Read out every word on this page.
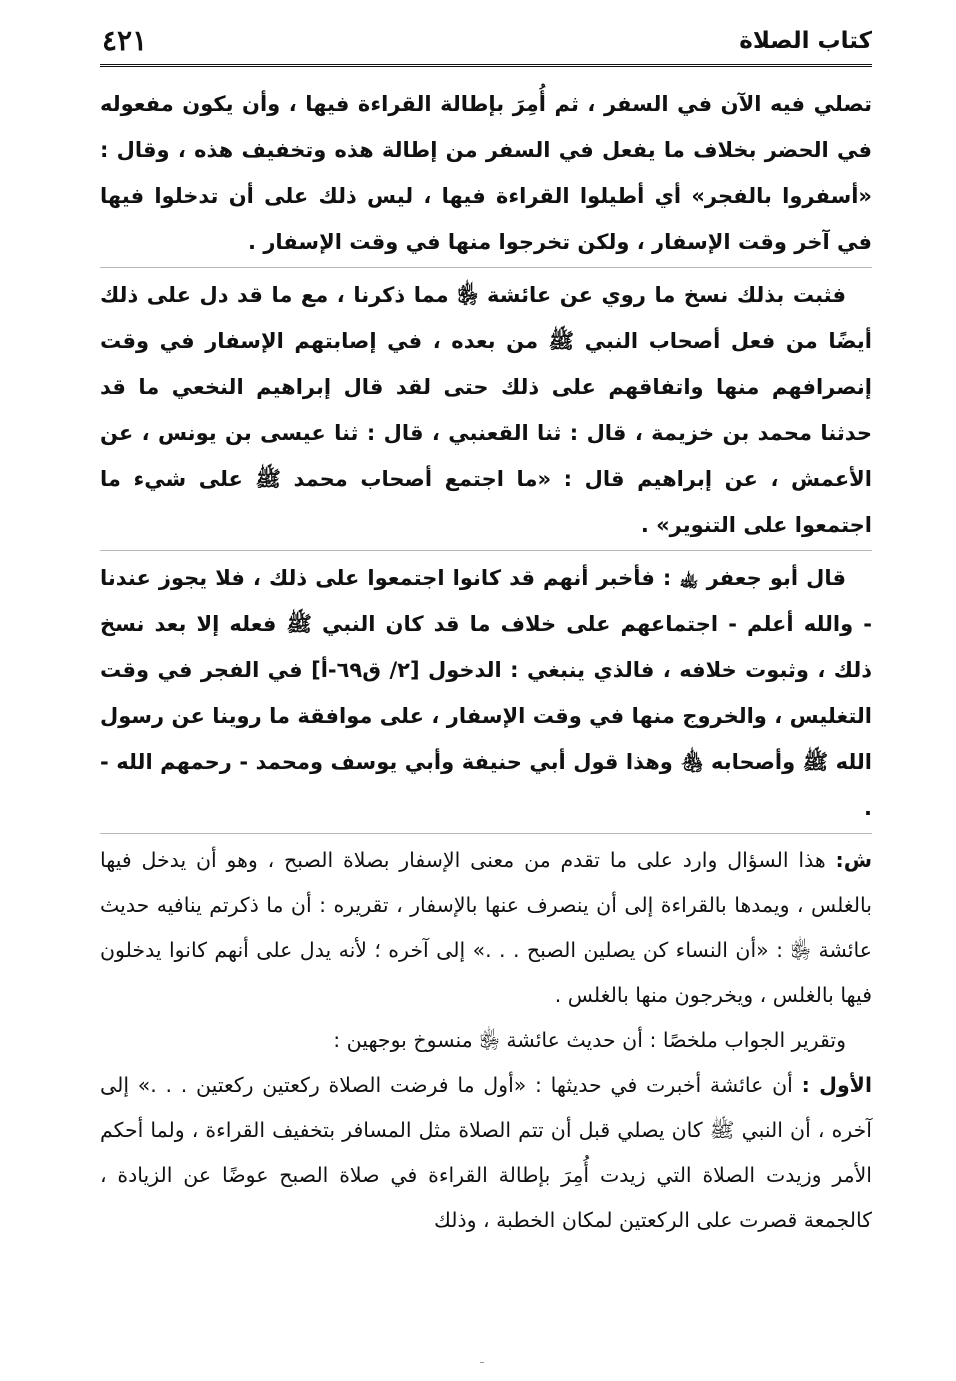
كتاب الصلاة
٤٢١

تصلي فيه الآن في السفر ، ثم أُمِرَ بإطالة القراءة فيها ، وأن يكون مفعوله في الحضر بخلاف ما يفعل في السفر من إطالة هذه وتخفيف هذه ، وقال : «أسفروا بالفجر» أي أطيلوا القراءة فيها ، ليس ذلك على أن تدخلوا فيها في آخر وقت الإسفار ، ولكن تخرجوا منها في وقت الإسفار .

فثبت بذلك نسخ ما روي عن عائشة ﵂ مما ذكرنا ، مع ما قد دل على ذلك أيضًا من فعل أصحاب النبي ﷺ من بعده ، في إصابتهم الإسفار في وقت إنصرافهم منها واتفاقهم على ذلك حتى لقد قال إبراهيم النخعي ما قد حدثنا محمد بن خزيمة ، قال : ثنا القعنبي ، قال : ثنا عيسى بن يونس ، عن الأعمش ، عن إبراهيم قال : «ما اجتمع أصحاب محمد ﷺ على شيء ما اجتمعوا على التنوير» .

قال أبو جعفر ﵀ : فأخبر أنهم قد كانوا اجتمعوا على ذلك ، فلا يجوز عندنا - والله أعلم - اجتماعهم على خلاف ما قد كان النبي ﷺ فعله إلا بعد نسخ ذلك ، وثبوت خلافه ، فالذي ينبغي : الدخول [٢/ ق٦٩-أ] في الفجر في وقت التغليس ، والخروج منها في وقت الإسفار ، على موافقة ما روينا عن رسول الله ﷺ وأصحابه ﵃ وهذا قول أبي حنيفة وأبي يوسف ومحمد - رحمهم الله - .

ش: هذا السؤال وارد على ما تقدم من معنى الإسفار بصلاة الصبح ، وهو أن يدخل فيها بالغلس ، ويمدها بالقراءة إلى أن ينصرف عنها بالإسفار ، تقريره : أن ما ذكرتم ينافيه حديث عائشة ﵂ : «أن النساء كن يصلين الصبح . . .» إلى آخره ؛ لأنه يدل على أنهم كانوا يدخلون فيها بالغلس ، ويخرجون منها بالغلس .

وتقرير الجواب ملخصًا : أن حديث عائشة ﵂ منسوخ بوجهين :

الأول : أن عائشة أخبرت في حديثها : «أول ما فرضت الصلاة ركعتين ركعتين . . .» إلى آخره ، أن النبي ﷺ كان يصلي قبل أن تتم الصلاة مثل المسافر بتخفيف القراءة ، ولما أحكم الأمر وزيدت الصلاة التي زيدت أُمِرَ بإطالة القراءة في صلاة الصبح عوضًا عن الزيادة ، كالجمعة قصرت على الركعتين لمكان الخطبة ، وذلك
